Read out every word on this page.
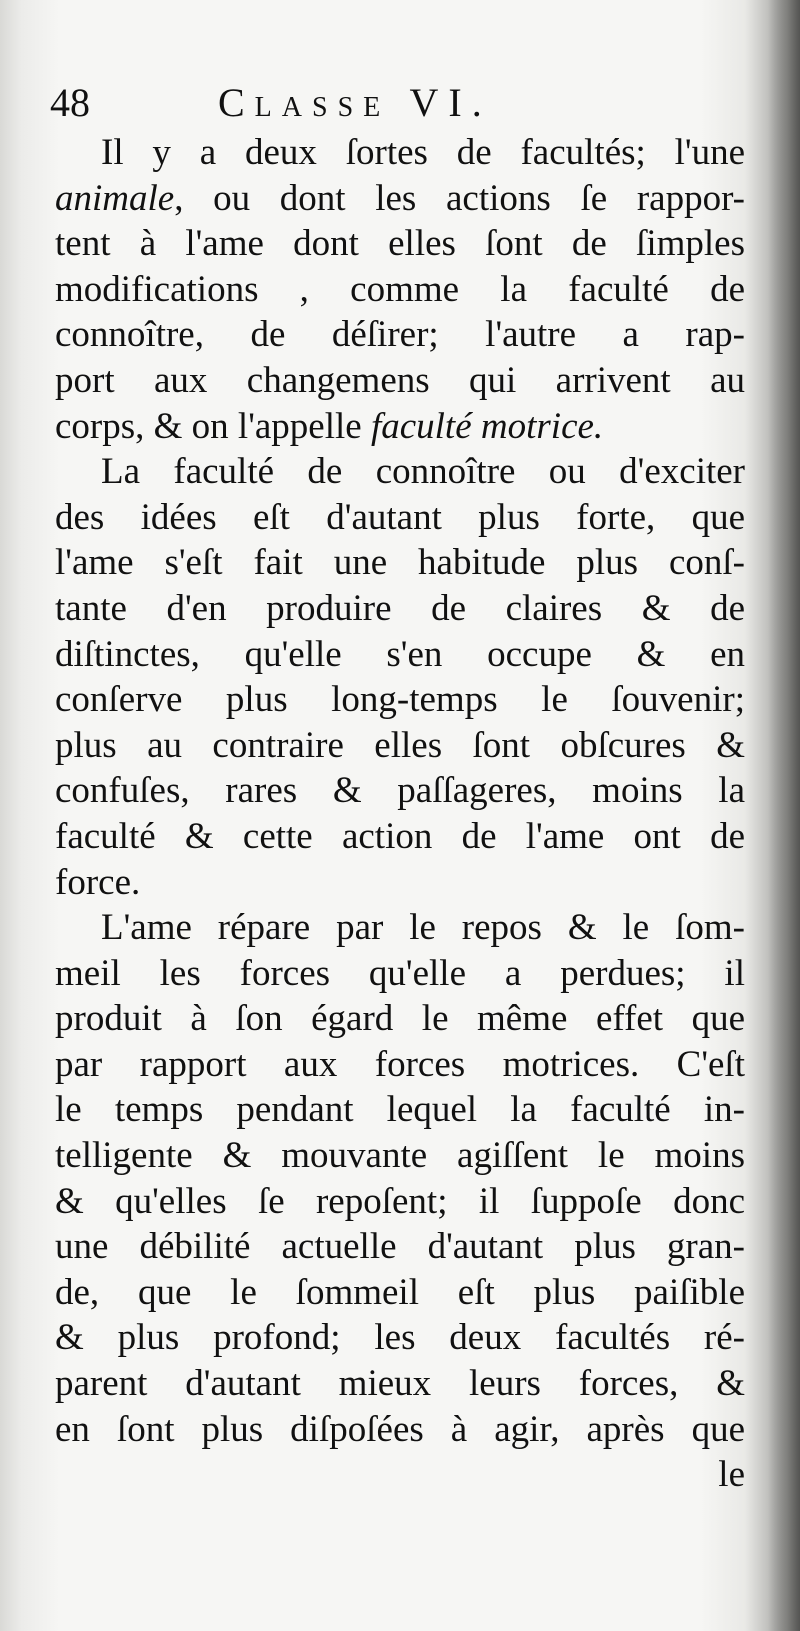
48	Classe VI.
Il y a deux ſortes de facultés; l'une
animale, ou dont les actions ſe rappor-
tent à l'ame dont elles ſont de ſimples
modifications , comme la faculté de
connoître, de déſirer; l'autre a rap-
port aux changemens qui arrivent au
corps, & on l'appelle faculté motrice.
La faculté de connoître ou d'exciter
des idées eſt d'autant plus forte, que
l'ame s'eſt fait une habitude plus conſ-
tante d'en produire de claires & de
diſtinctes, qu'elle s'en occupe & en
conſerve plus long-temps le ſouvenir;
plus au contraire elles ſont obſcures &
confuſes, rares & paſſageres, moins la
faculté & cette action de l'ame ont de
force.
L'ame répare par le repos & le ſom-
meil les forces qu'elle a perdues; il
produit à ſon égard le même effet que
par rapport aux forces motrices. C'eſt
le temps pendant lequel la faculté in-
telligente & mouvante agiſſent le moins
& qu'elles ſe repoſent; il ſuppoſe donc
une débilité actuelle d'autant plus gran-
de, que le ſommeil eſt plus paiſible
& plus profond; les deux facultés ré-
parent d'autant mieux leurs forces, &
en ſont plus diſpoſées à agir, après que
le
